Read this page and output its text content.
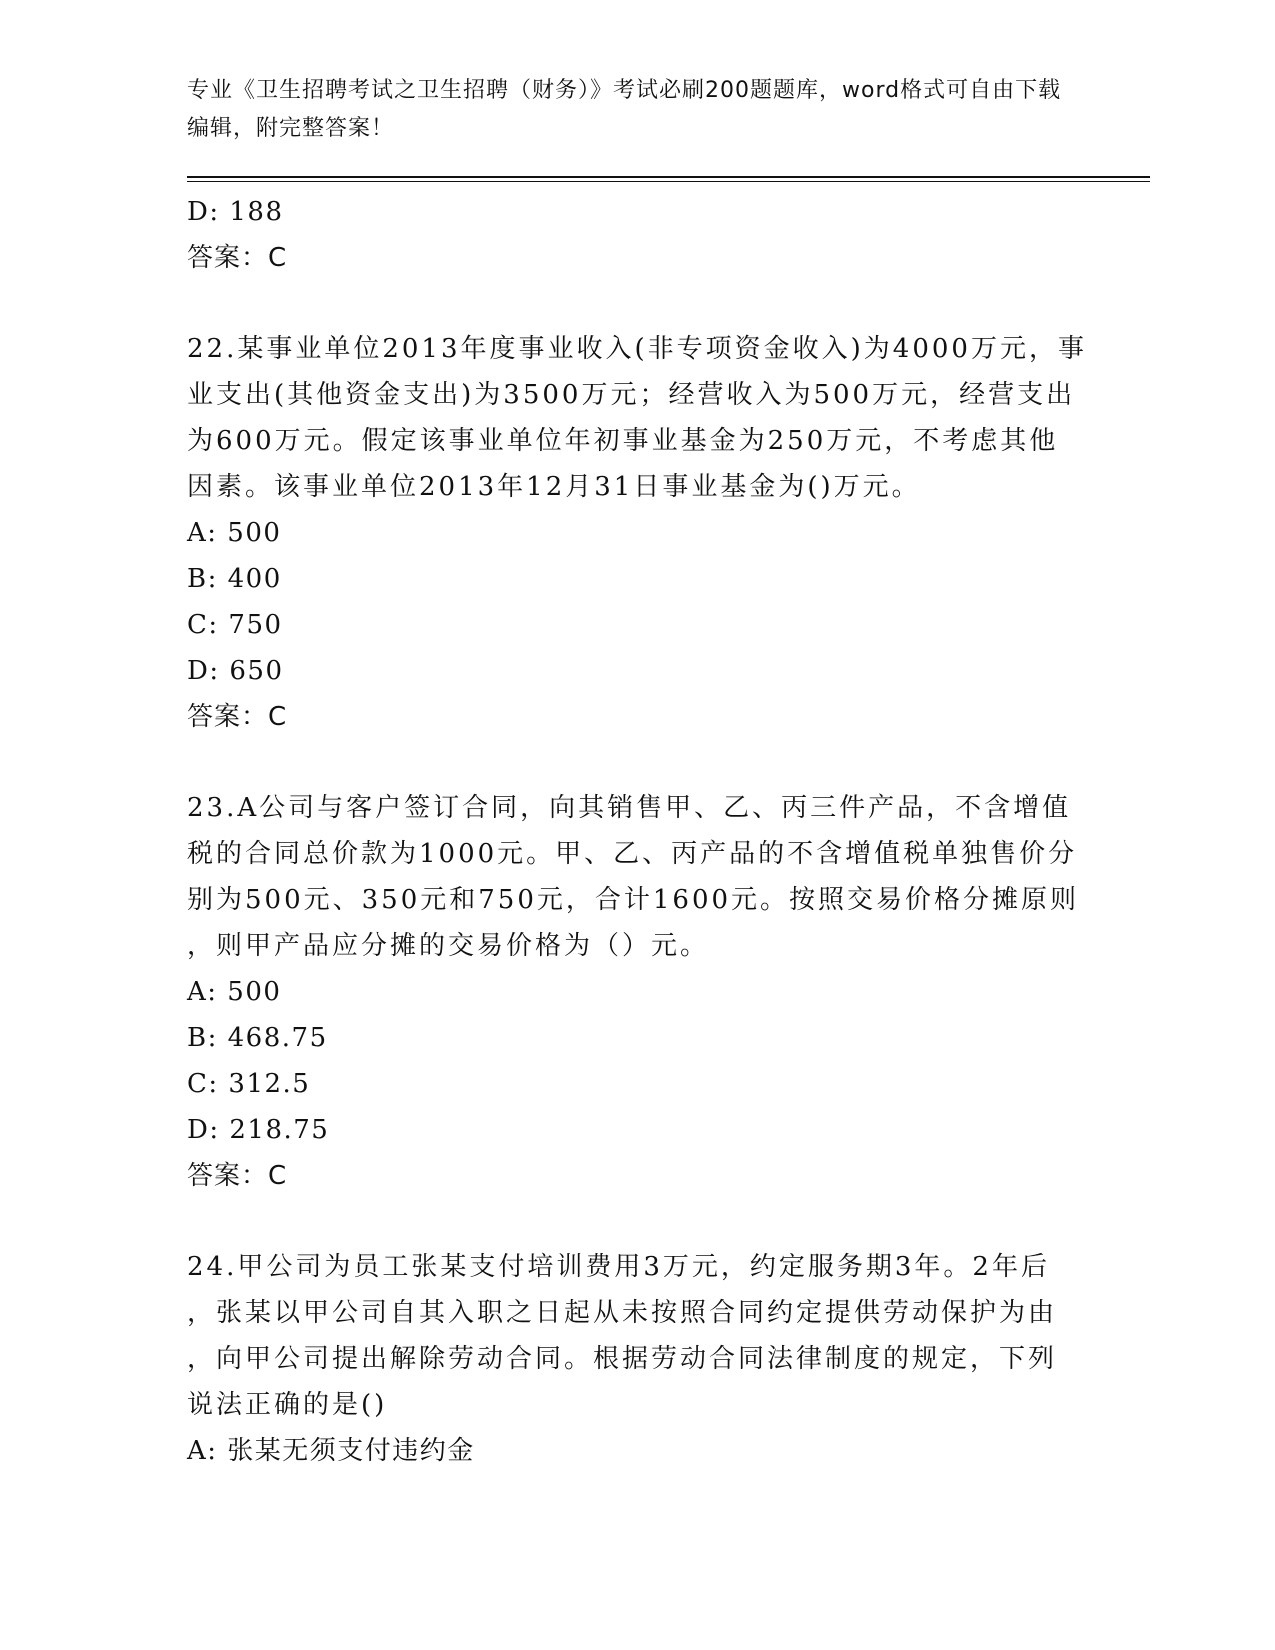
专业《卫生招聘考试之卫生招聘（财务）》考试必刷200题题库，word格式可自由下载编辑，附完整答案！
D: 188
答案：C
22.某事业单位2013年度事业收入(非专项资金收入)为4000万元，事
业支出(其他资金支出)为3500万元；经营收入为500万元，经营支出
为600万元。假定该事业单位年初事业基金为250万元，不考虑其他
因素。该事业单位2013年12月31日事业基金为()万元。
A: 500
B: 400
C: 750
D: 650
答案：C
23.A公司与客户签订合同，向其销售甲、乙、丙三件产品，不含增值
税的合同总价款为1000元。甲、乙、丙产品的不含增值税单独售价分
别为500元、350元和750元，合计1600元。按照交易价格分摊原则
，则甲产品应分摊的交易价格为（）元。
A: 500
B: 468.75
C: 312.5
D: 218.75
答案：C
24.甲公司为员工张某支付培训费用3万元，约定服务期3年。2年后
，张某以甲公司自其入职之日起从未按照合同约定提供劳动保护为由
，向甲公司提出解除劳动合同。根据劳动合同法律制度的规定，下列
说法正确的是()
A: 张某无须支付违约金
